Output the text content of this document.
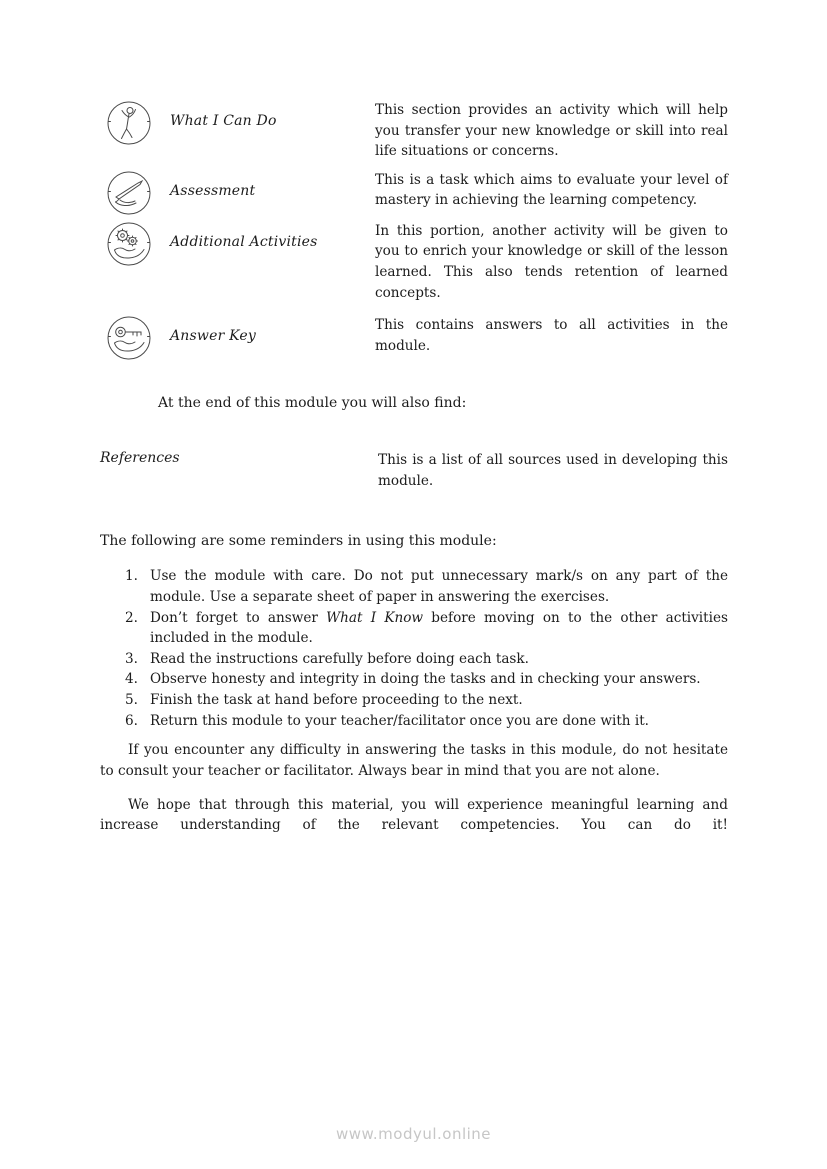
What I Can Do
This section provides an activity which will help you transfer your new knowledge or skill into real life situations or concerns.
Assessment
This is a task which aims to evaluate your level of mastery in achieving the learning competency.
Additional Activities
In this portion, another activity will be given to you to enrich your knowledge or skill of the lesson learned. This also tends retention of learned concepts.
Answer Key
This contains answers to all activities in the module.

At the end of this module you will also find:

References	This is a list of all sources used in developing this module.

The following are some reminders in using this module:

1. Use the module with care. Do not put unnecessary mark/s on any part of the module. Use a separate sheet of paper in answering the exercises.
2. Don’t forget to answer What I Know before moving on to the other activities included in the module.
3. Read the instructions carefully before doing each task.
4. Observe honesty and integrity in doing the tasks and in checking your answers.
5. Finish the task at hand before proceeding to the next.
6. Return this module to your teacher/facilitator once you are done with it.

If you encounter any difficulty in answering the tasks in this module, do not hesitate to consult your teacher or facilitator. Always bear in mind that you are not alone.

We hope that through this material, you will experience meaningful learning and increase understanding of the relevant competencies. You can do it!

www.modyul.online
